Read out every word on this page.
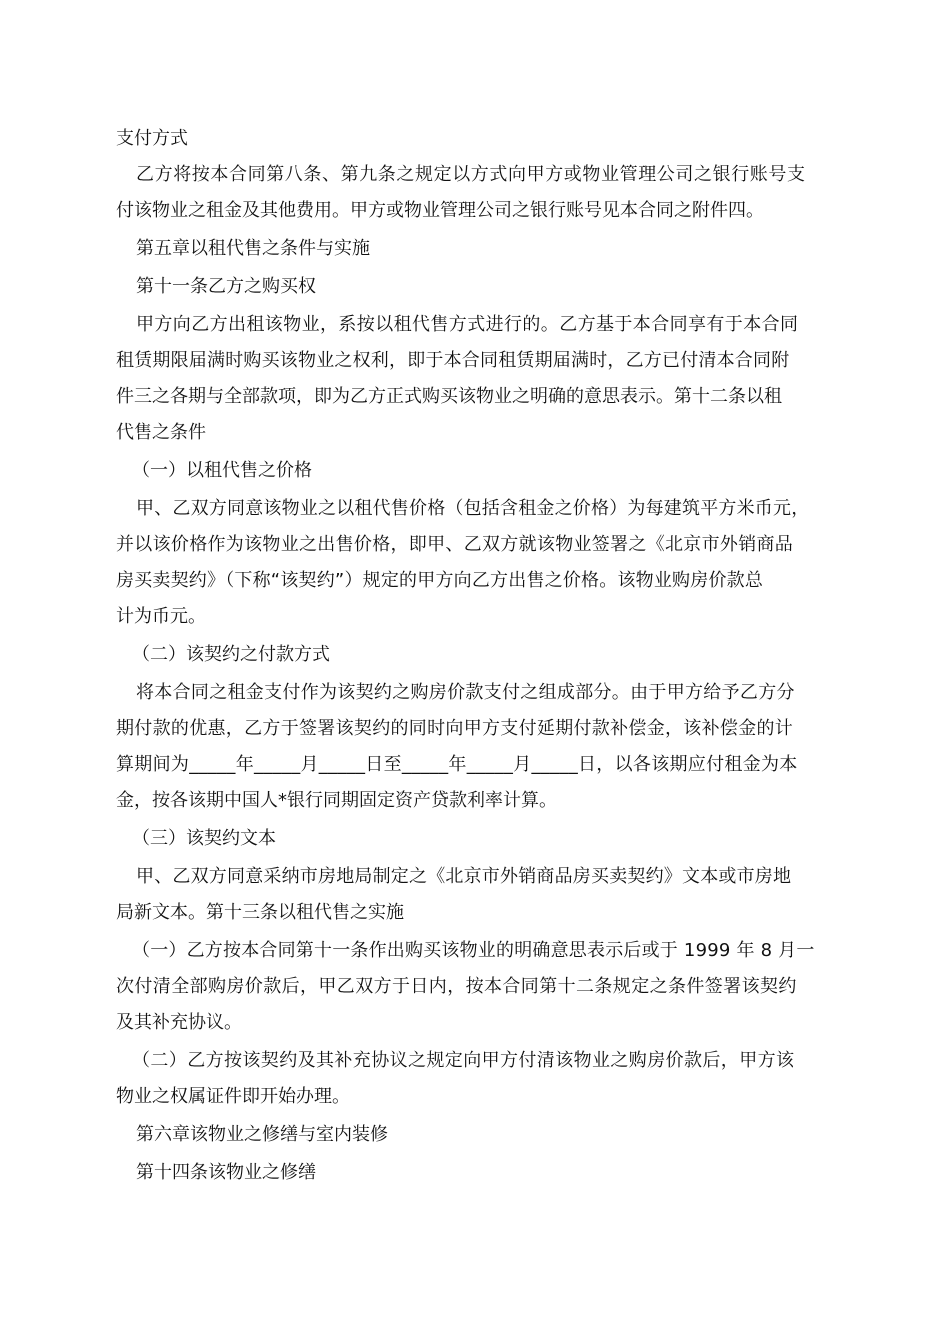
支付方式
乙方将按本合同第八条、第九条之规定以方式向甲方或物业管理公司之银行账号支
付该物业之租金及其他费用。甲方或物业管理公司之银行账号见本合同之附件四。
第五章以租代售之条件与实施
第十一条乙方之购买权
甲方向乙方出租该物业，系按以租代售方式进行的。乙方基于本合同享有于本合同
租赁期限届满时购买该物业之权利，即于本合同租赁期届满时，乙方已付清本合同附
件三之各期与全部款项，即为乙方正式购买该物业之明确的意思表示。第十二条以租
代售之条件
（一）以租代售之价格
甲、乙双方同意该物业之以租代售价格（包括含租金之价格）为每建筑平方米币元，
并以该价格作为该物业之出售价格，即甲、乙双方就该物业签署之《北京市外销商品
房买卖契约》（下称“该契约”）规定的甲方向乙方出售之价格。该物业购房价款总
计为币元。
（二）该契约之付款方式
将本合同之租金支付作为该契约之购房价款支付之组成部分。由于甲方给予乙方分
期付款的优惠，乙方于签署该契约的同时向甲方支付延期付款补偿金，该补偿金的计
算期间为_____年_____月_____日至_____年_____月_____日，以各该期应付租金为本
金，按各该期中国人*银行同期固定资产贷款利率计算。
（三）该契约文本
甲、乙双方同意采纳市房地局制定之《北京市外销商品房买卖契约》文本或市房地
局新文本。第十三条以租代售之实施
（一）乙方按本合同第十一条作出购买该物业的明确意思表示后或于 1999 年 8 月一
次付清全部购房价款后，甲乙双方于日内，按本合同第十二条规定之条件签署该契约
及其补充协议。
（二）乙方按该契约及其补充协议之规定向甲方付清该物业之购房价款后，甲方该
物业之权属证件即开始办理。
第六章该物业之修缮与室内装修
第十四条该物业之修缮
